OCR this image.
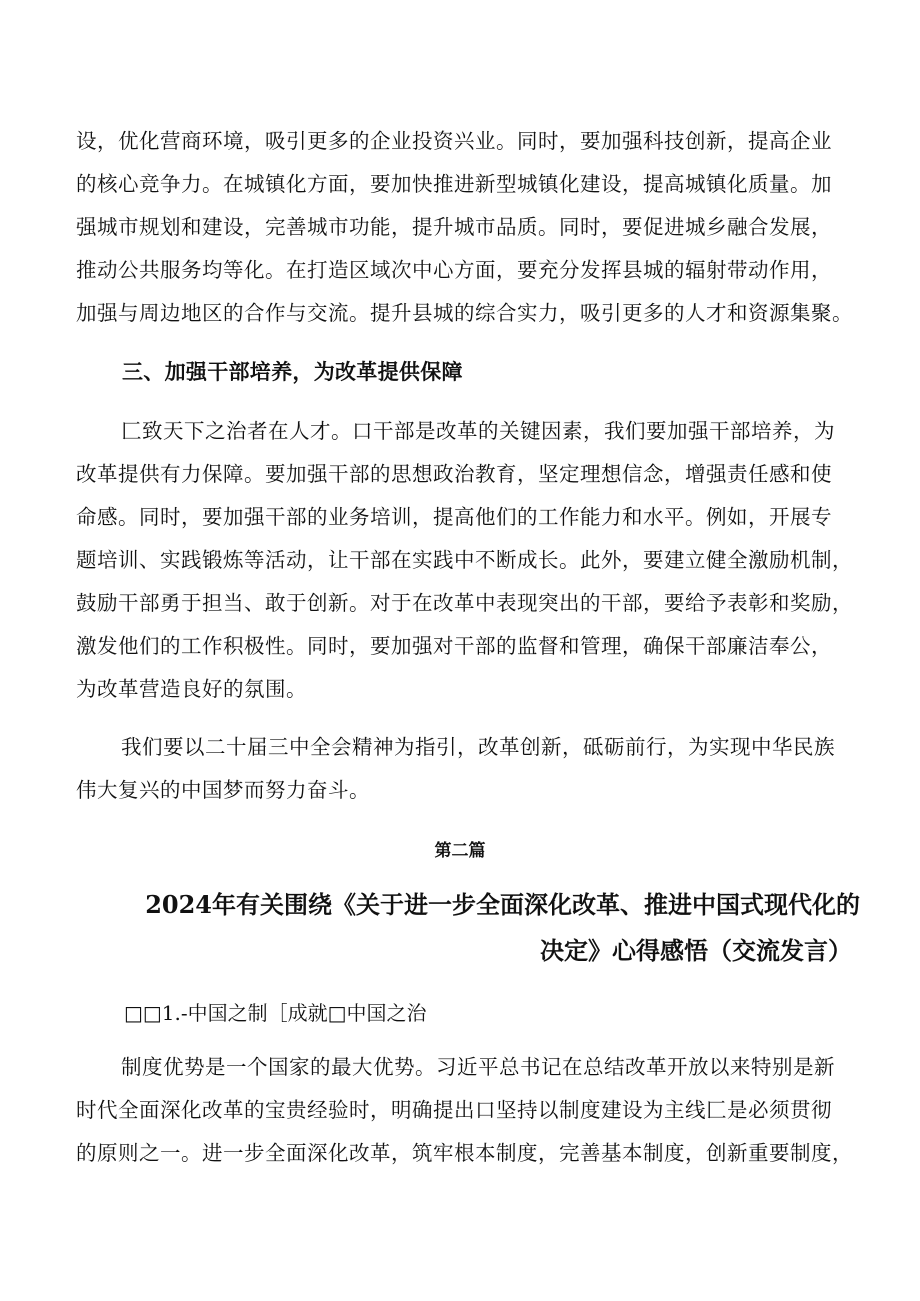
设，优化营商环境，吸引更多的企业投资兴业。同时，要加强科技创新，提高企业
的核心竞争力。在城镇化方面，要加快推进新型城镇化建设，提高城镇化质量。加
强城市规划和建设，完善城市功能，提升城市品质。同时，要促进城乡融合发展，
推动公共服务均等化。在打造区域次中心方面，要充分发挥县城的辐射带动作用，
加强与周边地区的合作与交流。提升县城的综合实力，吸引更多的人才和资源集聚。
三、加强干部培养，为改革提供保障
匚致天下之治者在人才。口干部是改革的关键因素，我们要加强干部培养，为
改革提供有力保障。要加强干部的思想政治教育，坚定理想信念，增强责任感和使
命感。同时，要加强干部的业务培训，提高他们的工作能力和水平。例如，开展专
题培训、实践锻炼等活动，让干部在实践中不断成长。此外，要建立健全激励机制，
鼓励干部勇于担当、敢于创新。对于在改革中表现突出的干部，要给予表彰和奖励，
激发他们的工作积极性。同时，要加强对干部的监督和管理，确保干部廉洁奉公，
为改革营造良好的氛围。
我们要以二十届三中全会精神为指引，改革创新，砥砺前行，为实现中华民族
伟大复兴的中国梦而努力奋斗。
第二篇
2024年有关围绕《关于进一步全面深化改革、推进中国式现代化的
决定》心得感悟（交流发言）

□□1.-中国之制［成就□中国之治

制度优势是一个国家的最大优势。习近平总书记在总结改革开放以来特别是新
时代全面深化改革的宝贵经验时，明确提出口坚持以制度建设为主线匚是必须贯彻
的原则之一。进一步全面深化改革，筑牢根本制度，完善基本制度，创新重要制度，
